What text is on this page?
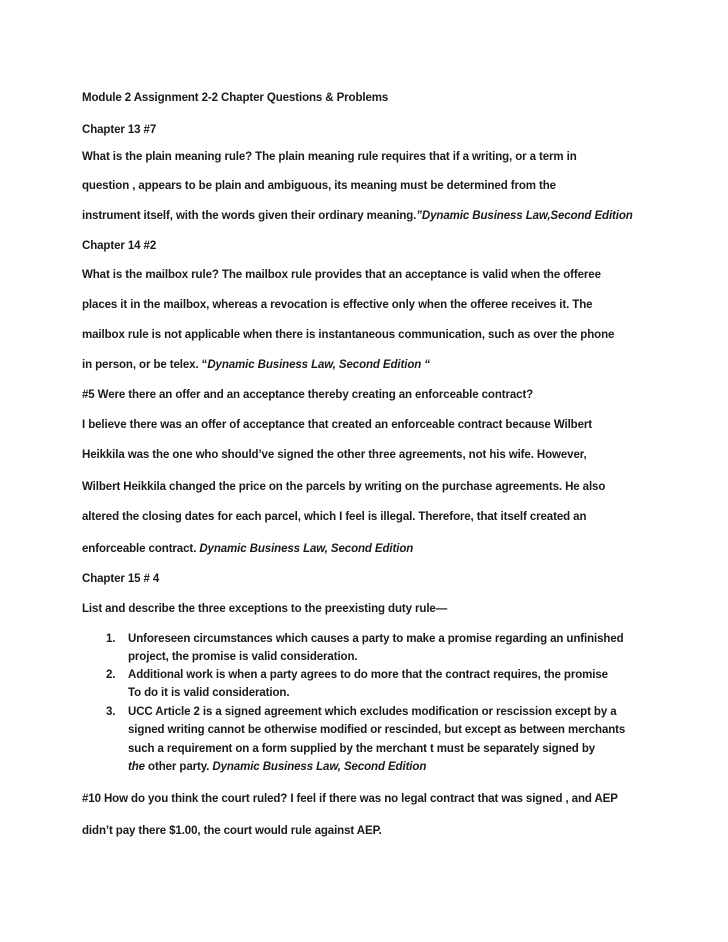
Module 2 Assignment 2-2 Chapter Questions & Problems
Chapter 13 #7
What is the plain meaning rule? The plain meaning rule requires that if a writing, or a term in
question , appears to be plain and ambiguous, its meaning must be determined from the
instrument itself, with the words given their ordinary meaning.”Dynamic Business Law,Second Edition
Chapter 14 #2
What is the mailbox rule? The mailbox rule provides that an acceptance is valid when the offeree
places it in the mailbox, whereas a revocation is effective only when the offeree receives it. The
mailbox rule is not applicable when there is instantaneous communication, such as over the phone
in person, or be telex. “Dynamic Business Law, Second Edition “
#5 Were there an offer and an acceptance thereby creating an enforceable contract?
I believe there was an offer of acceptance that created an enforceable contract because Wilbert
Heikkila was the one who should’ve signed the other three agreements, not his wife. However,
Wilbert Heikkila changed the price on the parcels by writing on the purchase agreements. He also
altered the closing dates for each parcel, which I feel is illegal. Therefore, that itself created an
enforceable contract. Dynamic Business Law, Second Edition
Chapter 15 # 4
List and describe the three exceptions to the preexisting duty rule—
1. Unforeseen circumstances which causes a party to make a promise regarding an unfinished
project, the promise is valid consideration.
2. Additional work is when a party agrees to do more that the contract requires, the promise
To do it is valid consideration.
3. UCC Article 2 is a signed agreement which excludes modification or rescission except by a
signed writing cannot be otherwise modified or rescinded, but except as between merchants
such a requirement on a form supplied by the merchant t must be separately signed by
the other party. Dynamic Business Law, Second Edition
#10 How do you think the court ruled? I feel if there was no legal contract that was signed , and AEP
didn’t pay there $1.00, the court would rule against AEP.
